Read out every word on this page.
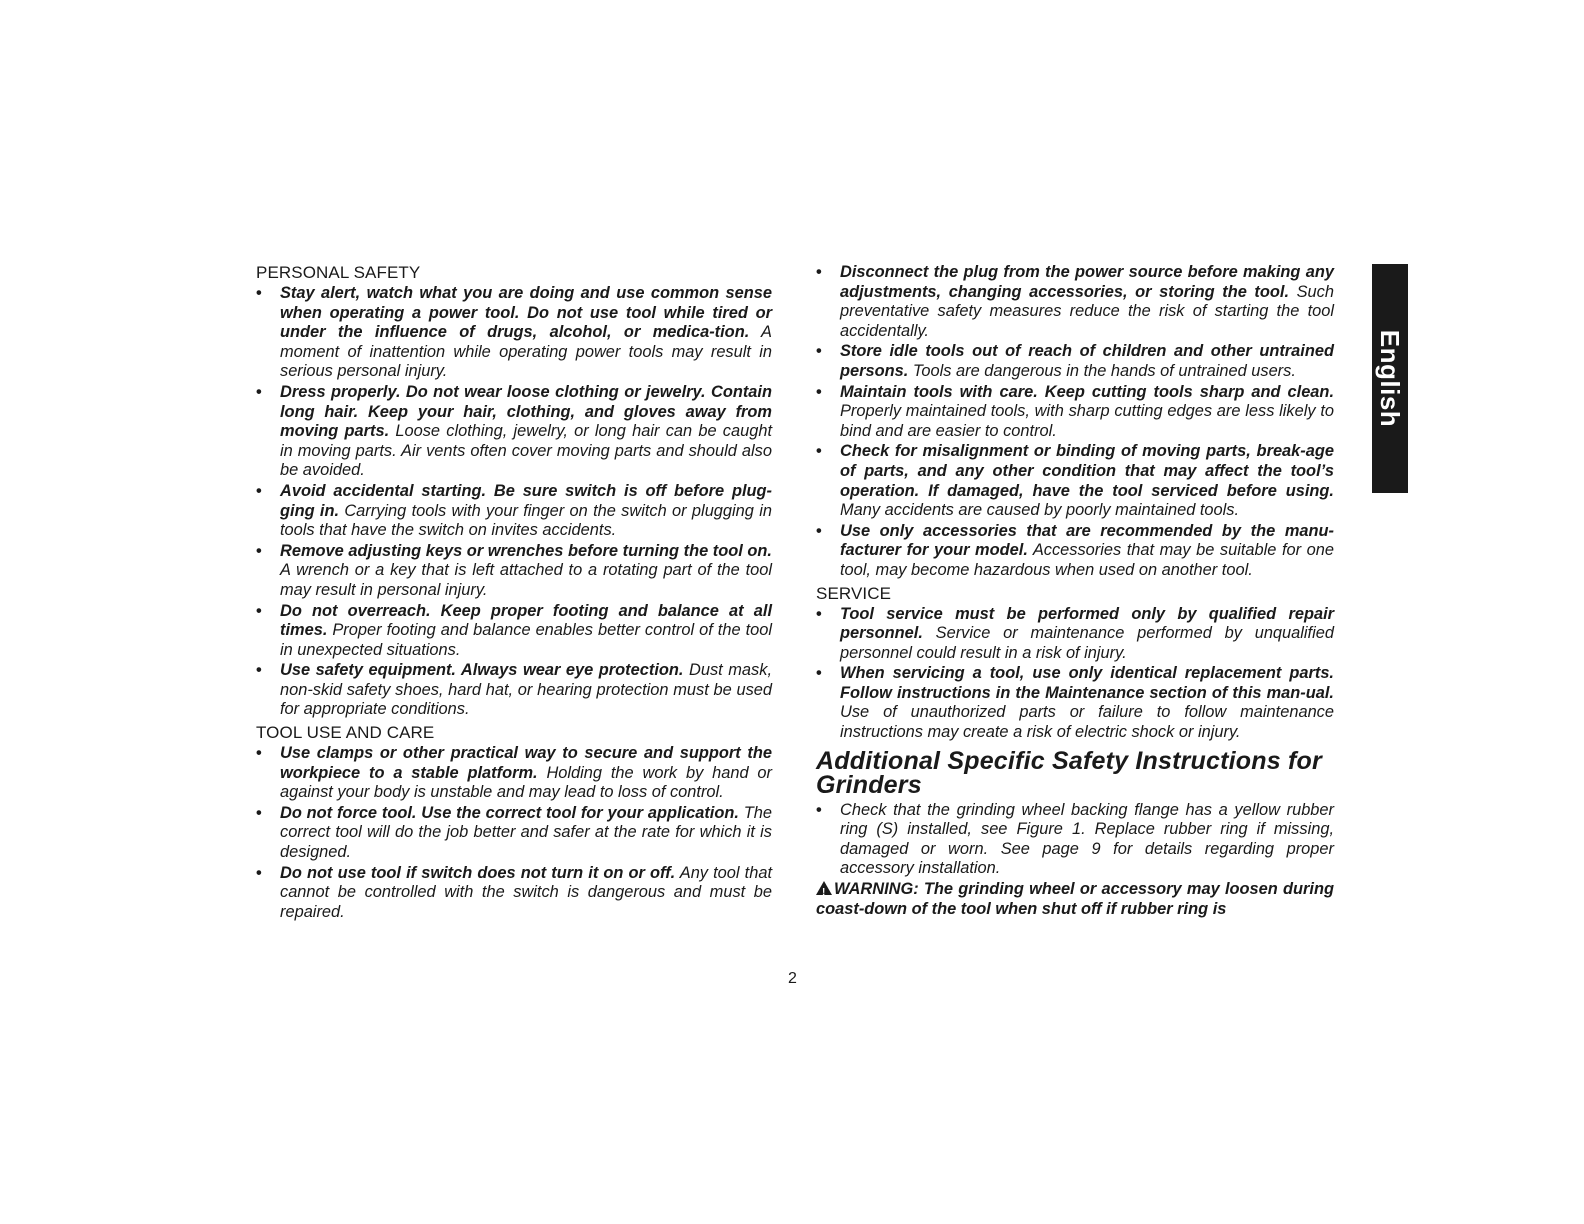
PERSONAL SAFETY
• Stay alert, watch what you are doing and use common sense when operating a power tool. Do not use tool while tired or under the influence of drugs, alcohol, or medica-tion. A moment of inattention while operating power tools may result in serious personal injury.
• Dress properly. Do not wear loose clothing or jewelry. Contain long hair. Keep your hair, clothing, and gloves away from moving parts. Loose clothing, jewelry, or long hair can be caught in moving parts. Air vents often cover moving parts and should also be avoided.
• Avoid accidental starting. Be sure switch is off before plug-ging in. Carrying tools with your finger on the switch or plugging in tools that have the switch on invites accidents.
• Remove adjusting keys or wrenches before turning the tool on. A wrench or a key that is left attached to a rotating part of the tool may result in personal injury.
• Do not overreach. Keep proper footing and balance at all times. Proper footing and balance enables better control of the tool in unexpected situations.
• Use safety equipment. Always wear eye protection. Dust mask, non-skid safety shoes, hard hat, or hearing protection must be used for appropriate conditions.
TOOL USE AND CARE
• Use clamps or other practical way to secure and support the workpiece to a stable platform. Holding the work by hand or against your body is unstable and may lead to loss of control.
• Do not force tool. Use the correct tool for your application. The correct tool will do the job better and safer at the rate for which it is designed.
• Do not use tool if switch does not turn it on or off. Any tool that cannot be controlled with the switch is dangerous and must be repaired.
• Disconnect the plug from the power source before making any adjustments, changing accessories, or storing the tool. Such preventative safety measures reduce the risk of starting the tool accidentally.
• Store idle tools out of reach of children and other untrained persons. Tools are dangerous in the hands of untrained users.
• Maintain tools with care. Keep cutting tools sharp and clean. Properly maintained tools, with sharp cutting edges are less likely to bind and are easier to control.
• Check for misalignment or binding of moving parts, break-age of parts, and any other condition that may affect the tool’s operation. If damaged, have the tool serviced before using. Many accidents are caused by poorly maintained tools.
• Use only accessories that are recommended by the manu-facturer for your model. Accessories that may be suitable for one tool, may become hazardous when used on another tool.
SERVICE
• Tool service must be performed only by qualified repair personnel. Service or maintenance performed by unqualified personnel could result in a risk of injury.
• When servicing a tool, use only identical replacement parts. Follow instructions in the Maintenance section of this man-ual. Use of unauthorized parts or failure to follow maintenance instructions may create a risk of electric shock or injury.
Additional Specific Safety Instructions for Grinders
• Check that the grinding wheel backing flange has a yellow rubber ring (S) installed, see Figure 1. Replace rubber ring if missing, damaged or worn. See page 9 for details regarding proper accessory installation.
!WARNING: The grinding wheel or accessory may loosen during coast-down of the tool when shut off if rubber ring is
English
2
